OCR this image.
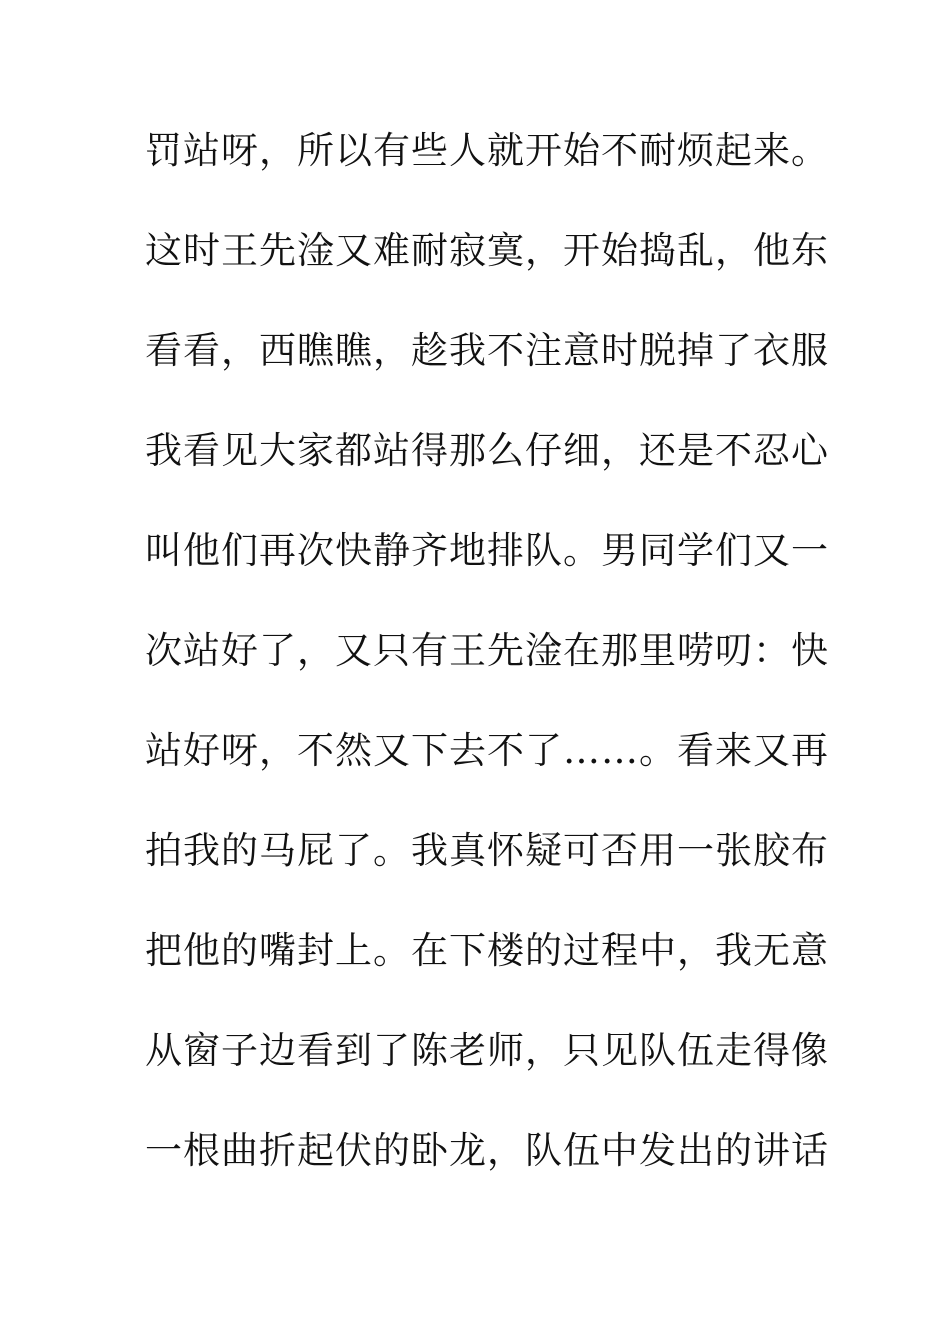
罚站呀，所以有些人就开始不耐烦起来。
这时王先淦又难耐寂寞，开始捣乱，他东
看看，西瞧瞧，趁我不注意时脱掉了衣服
我看见大家都站得那么仔细，还是不忍心
叫他们再次快静齐地排队。男同学们又一
次站好了，又只有王先淦在那里唠叨：快
站好呀，不然又下去不了……。看来又再
拍我的马屁了。我真怀疑可否用一张胶布
把他的嘴封上。在下楼的过程中，我无意
从窗子边看到了陈老师，只见队伍走得像
一根曲折起伏的卧龙，队伍中发出的讲话
